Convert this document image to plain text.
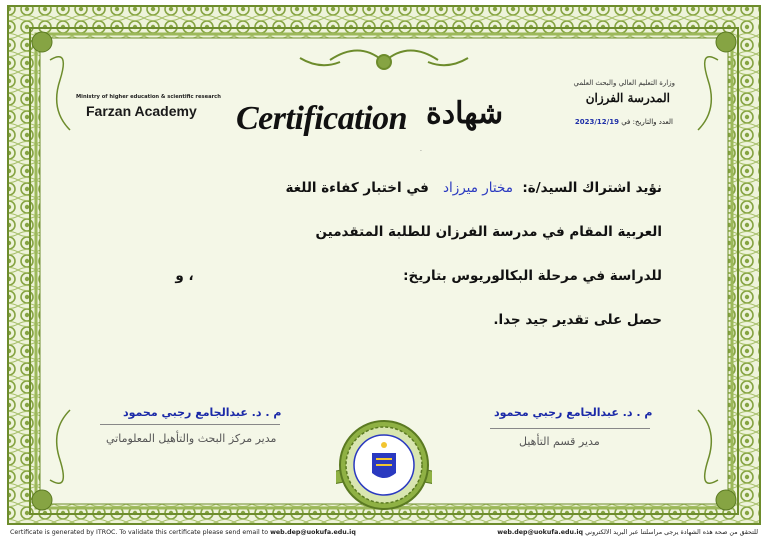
Ministry of higher education & scientific research
Farzan Academy Certification شهادة
.
وزارة التعليم العالي والبحث العلمي
المدرسة الفرزان
العدد والتاريخ: في 2023/12/19
نؤيد اشتراك السيد/ة:  مختار ميرزاد   في اختبار كفاءة اللغة
العربية المقام في مدرسة الفرزان للطلبة المتقدمين
للدراسة في مرحلة البكالوريوس بتاريخ:  ، و
حصل على تقدير جيد جدا.
م . د. عبدالجامع رجبي محمود
مدير مركز البحث والتأهيل المعلوماتي
م . د. عبدالجامع رجبي محمود
مدير قسم التأهيل
Certificate is generated by ITROC. To validate this certificate please send email to web.dep@uokufa.edu.iq	للتحقق من صحة هذه الشهادة يرجى مراسلتنا عبر البريد الالكتروني web.dep@uokufa.edu.iq
